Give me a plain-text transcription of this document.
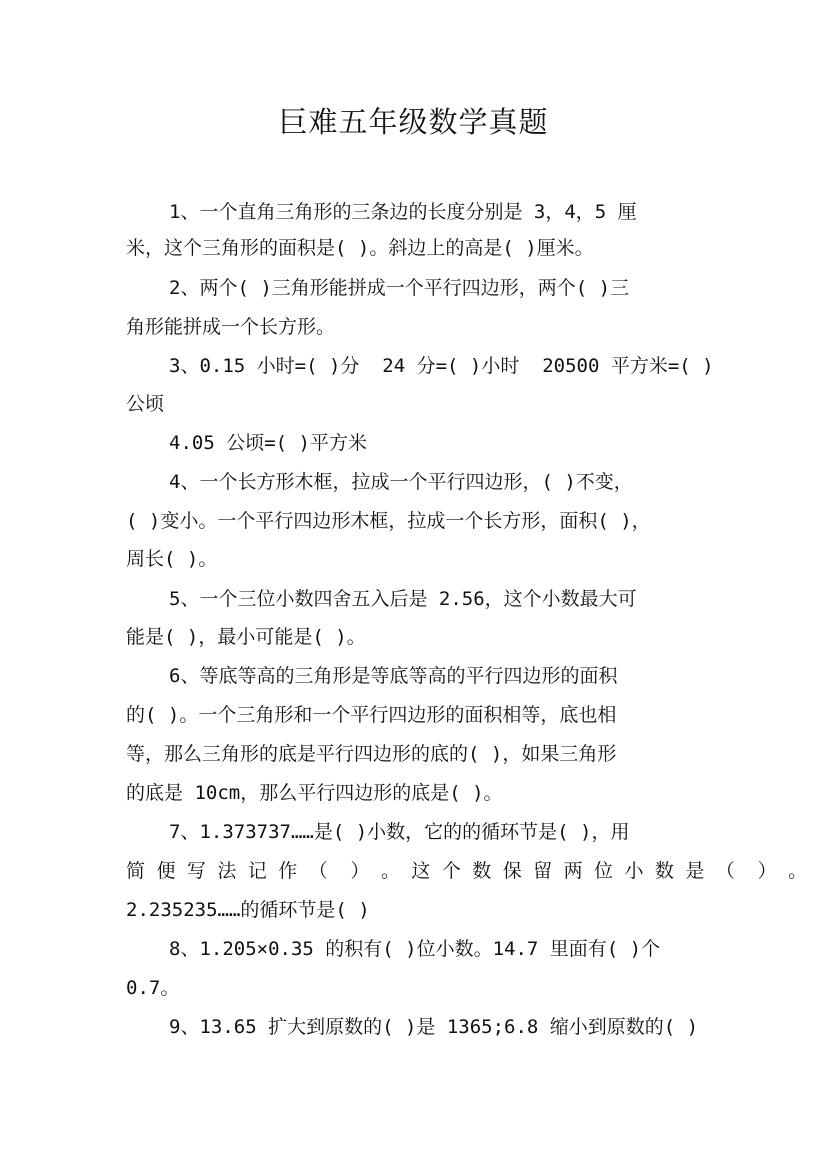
巨难五年级数学真题
1、一个直角三角形的三条边的长度分别是 3，4，5 厘
米，这个三角形的面积是( )。斜边上的高是( )厘米。
2、两个( )三角形能拼成一个平行四边形，两个( )三
角形能拼成一个长方形。
3、0.15 小时=( )分  24 分=( )小时  20500 平方米=( )
公顷
4.05 公顷=( )平方米
4、一个长方形木框，拉成一个平行四边形，( )不变，
( )变小。一个平行四边形木框，拉成一个长方形，面积( )，
周长( )。
5、一个三位小数四舍五入后是 2.56，这个小数最大可
能是( )，最小可能是( )。
6、等底等高的三角形是等底等高的平行四边形的面积
的( )。一个三角形和一个平行四边形的面积相等，底也相
等，那么三角形的底是平行四边形的底的( )，如果三角形
的底是 10cm，那么平行四边形的底是( )。
7、1.373737……是( )小数，它的的循环节是( )，用
简 便 写 法 记 作 （  ） 。 这 个 数 保 留 两 位 小 数 是 （  ） 。
2.235235……的循环节是( )
8、1.205×0.35 的积有( )位小数。14.7 里面有( )个
0.7。
9、13.65 扩大到原数的( )是 1365;6.8 缩小到原数的( )
